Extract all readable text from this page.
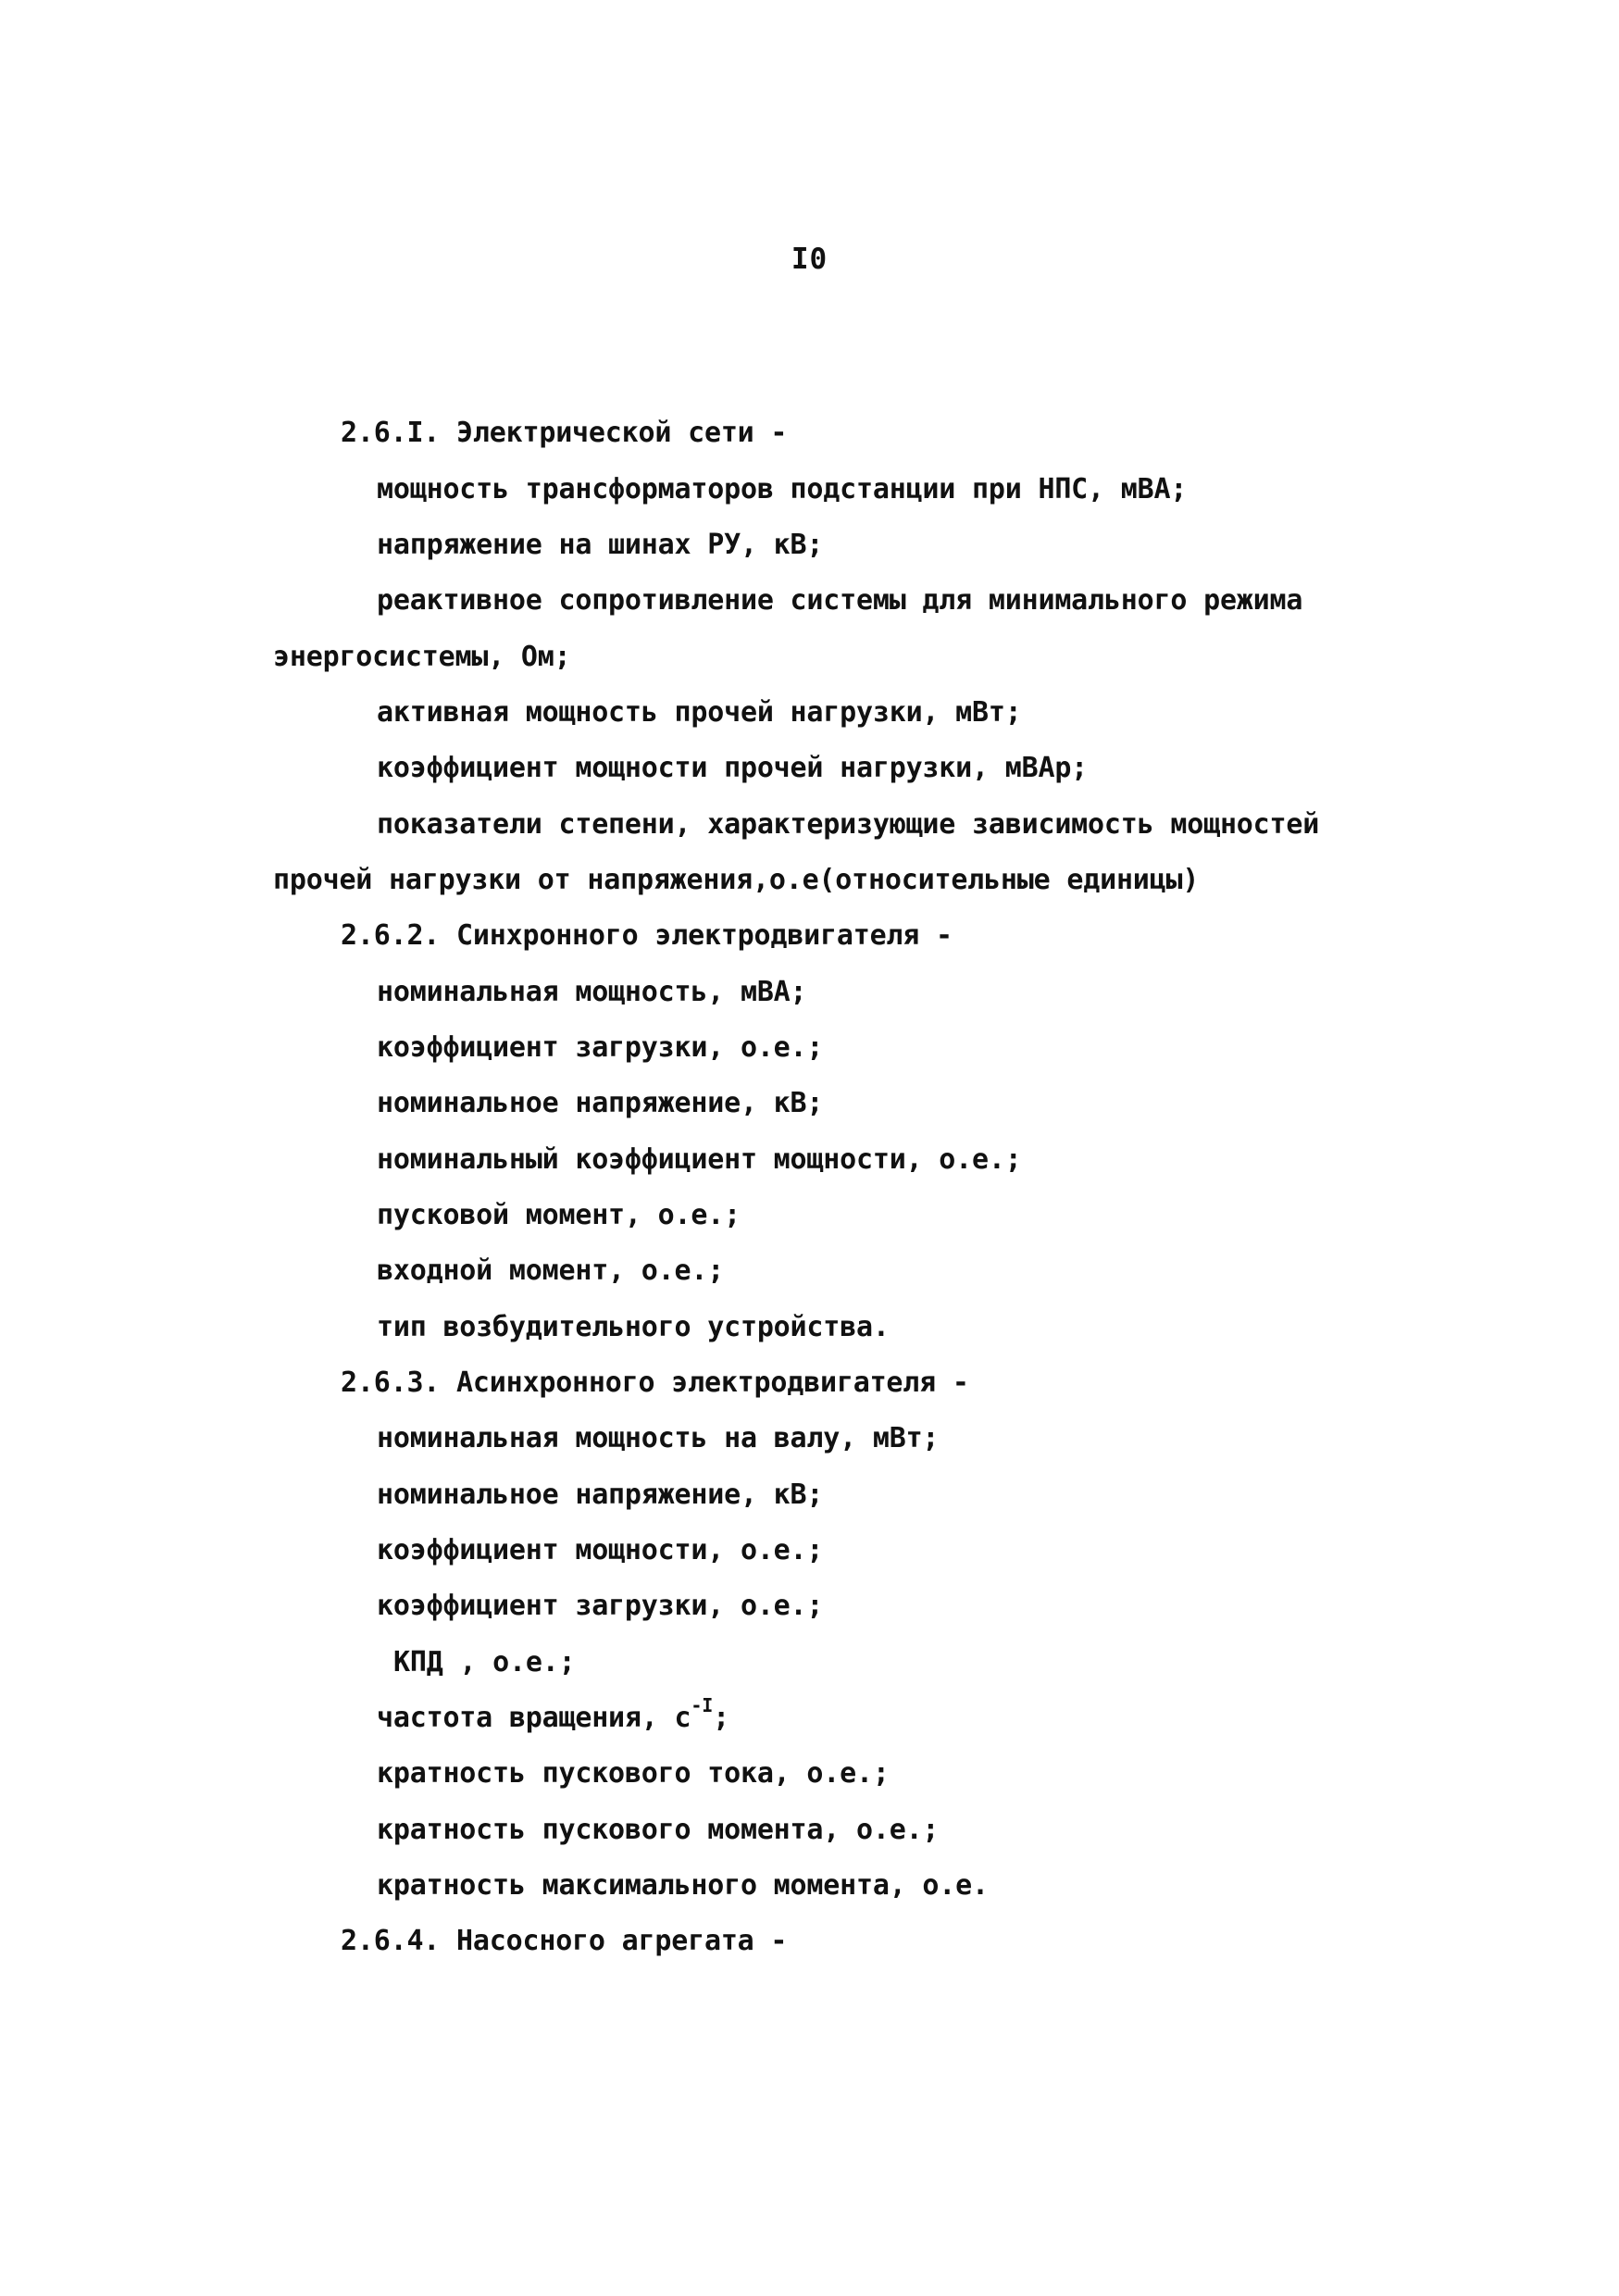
I0
2.6.I. Электрической сети -
мощность трансформаторов подстанции при НПС, мВА;
напряжение на шинах РУ, кВ;
реактивное сопротивление системы для минимального режима
энергосистемы, Ом;
активная мощность прочей нагрузки, мВт;
коэффициент мощности прочей нагрузки, мВАр;
показатели степени, характеризующие зависимость мощностей
прочей нагрузки от напряжения,о.е(относительные единицы)
2.6.2. Синхронного электродвигателя -
номинальная мощность, мВА;
коэффициент загрузки, о.е.;
номинальное напряжение, кВ;
номинальный коэффициент мощности, о.е.;
пусковой момент, о.е.;
входной момент, о.е.;
тип возбудительного устройства.
2.6.3. Асинхронного электродвигателя -
номинальная мощность на валу, мВт;
номинальное напряжение, кВ;
коэффициент мощности, о.е.;
коэффициент загрузки, о.е.;
КПД , о.е.;
частота вращения, $с^{-I}$;
кратность пускового тока, о.е.;
кратность пускового момента, о.е.;
кратность максимального момента, о.е.
2.6.4. Насосного агрегата -
